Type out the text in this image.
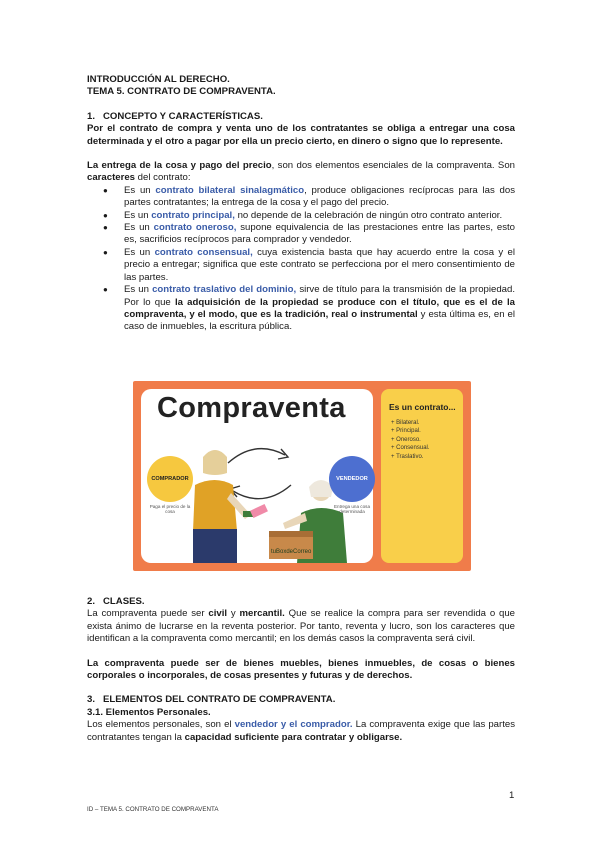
INTRODUCCIÓN AL DERECHO.

TEMA 5. CONTRATO DE COMPRAVENTA.

1. CONCEPTO Y CARACTERÍSTICAS.

Por el contrato de compra y venta uno de los contratantes se obliga a entregar una cosa determinada y el otro a pagar por ella un precio cierto, en dinero o signo que lo represente.

La entrega de la cosa y pago del precio, son dos elementos esenciales de la compraventa. Son caracteres del contrato:

● Es un contrato bilateral sinalagmático, produce obligaciones recíprocas para las dos partes contratantes; la entrega de la cosa y el pago del precio.
● Es un contrato principal, no depende de la celebración de ningún otro contrato anterior.
● Es un contrato oneroso, supone equivalencia de las prestaciones entre las partes, esto es, sacrificios recíprocos para comprador y vendedor.
● Es un contrato consensual, cuya existencia basta que hay acuerdo entre la cosa y el precio a entregar; significa que este contrato se perfecciona por el mero consentimiento de las partes.
● Es un contrato traslativo del dominio, sirve de título para la transmisión de la propiedad. Por lo que la adquisición de la propiedad se produce con el título, que es el de la compraventa, y el modo, que es la tradición, real o instrumental y esta última es, en el caso de inmuebles, la escritura pública.
Compraventa
COMPRADOR
Paga el precio de la cosa
VENDEDOR
Entrega una cosa determinada
tuBoxdeCorreo
Es un contrato...
+ Bilateral.
+ Principal.
+ Oneroso.
+ Consensual.
+ Traslativo.

2. CLASES.

La compraventa puede ser civil y mercantil. Que se realice la compra para ser revendida o que exista ánimo de lucrarse en la reventa posterior. Por tanto, reventa y lucro, son los caracteres que identifican a la compraventa como mercantil; en los demás casos la compraventa será civil.

La compraventa puede ser de bienes muebles, bienes inmuebles, de cosas o bienes corporales o incorporales, de cosas presentes y futuras y de derechos.

3. ELEMENTOS DEL CONTRATO DE COMPRAVENTA.

3.1. Elementos Personales.

Los elementos personales, son el vendedor y el comprador. La compraventa exige que las partes contratantes tengan la capacidad suficiente para contratar y obligarse.

1
ID – TEMA 5. CONTRATO DE COMPRAVENTA
